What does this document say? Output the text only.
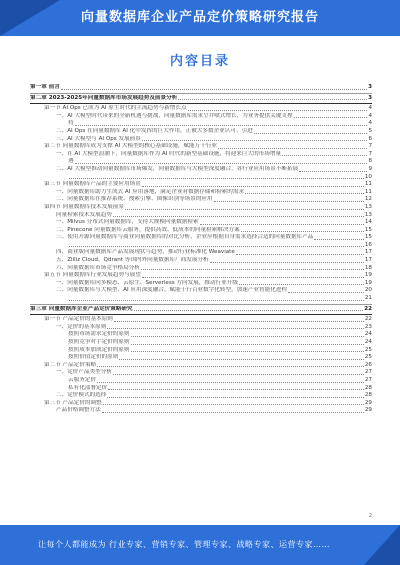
向量数据库企业产品定价策略研究报告
内容目录
第一章 前言	3
第二章 2023-2025年向量数据库市场发展趋势及前景分析	3
第一节 AI Ops 已成为 AI 原生时代的主流趋势与新增长点	4
一、AI 大模型时代带来的全新机遇与挑战，向量数据库需求呈井喷式增长，为业务提供关键支撑	4
持	4
二、AI Ops 在向量数据库 AI 化中发挥的巨大作用，正被大多数企业认可、引进	5
三、AI 大模型与 AI Ops 发展前景	6
第二节 向量数据库成为支撑 AI 大模型的核心基础设施，赋能万千行业	7
一、在 AI 大模型浪潮下，向量数据库作为 AI 时代的新型基础设施，将迎来巨大的市场增量	7
遇	8
二、AI 大模型推动向量数据库市场爆发，向量数据库与大模型深度融合，各行业应用场景不断拓展	9
10
第三节 向量数据库产品的主要应用场景	11
一、向量数据库助力生成式 AI 应用落地，满足企业对数据存储和检索的需求	11
二、向量数据库在推荐系统、搜索引擎、图像识别等场景的应用	12
第四节 向量数据库技术发展前景	13
向量检索技术发展趋势	13
一、Milvus 分布式向量数据库，支持大规模向量数据检索	14
二、Pinecone 向量数据库云服务，提供高效、低成本的向量检索解决方案	15
三、使用开源向量数据库与商业向量数据库的对比分析，企业应根据自身需求选择合适的向量数据库产品	15
16
四、商业版向量数据库产品发展现状与趋势，推动行业标准化 Weaviate	17
五、Zilliz Cloud、Qdrant 等国内外向量数据库厂商发展分析	17
六、向量数据库市场竞争格局分析	18
第五节 向量数据库行业发展趋势与展望	19
一、向量数据库向多模态、云原生、Serverless 方向发展，推动行业升级	19
二、向量数据库与大模型、AI 应用深度融合，赋能千行百业数字化转型，加速产业智能化进程	20
21
第三章 向量数据库企业产品定价策略研究	22
第一节 产品定价的基本原则	22
一、定价的基本原则	23
按照市场需求定价的原则	24
按照竞争对手定价的原则	24
按照成本加成定价的原则	25
按照价值定价的原则	25
第二节 产品定价策略	26
一、定价产品类型分析	27
云服务定价	27
私有化部署定价	28
二、定价模式的选择	28
第三节 产品定价的调整	29
产品价格调整方法	29
2
让每个人都能成为 行业专家、营销专家、管理专家、战略专家、运营专家……
